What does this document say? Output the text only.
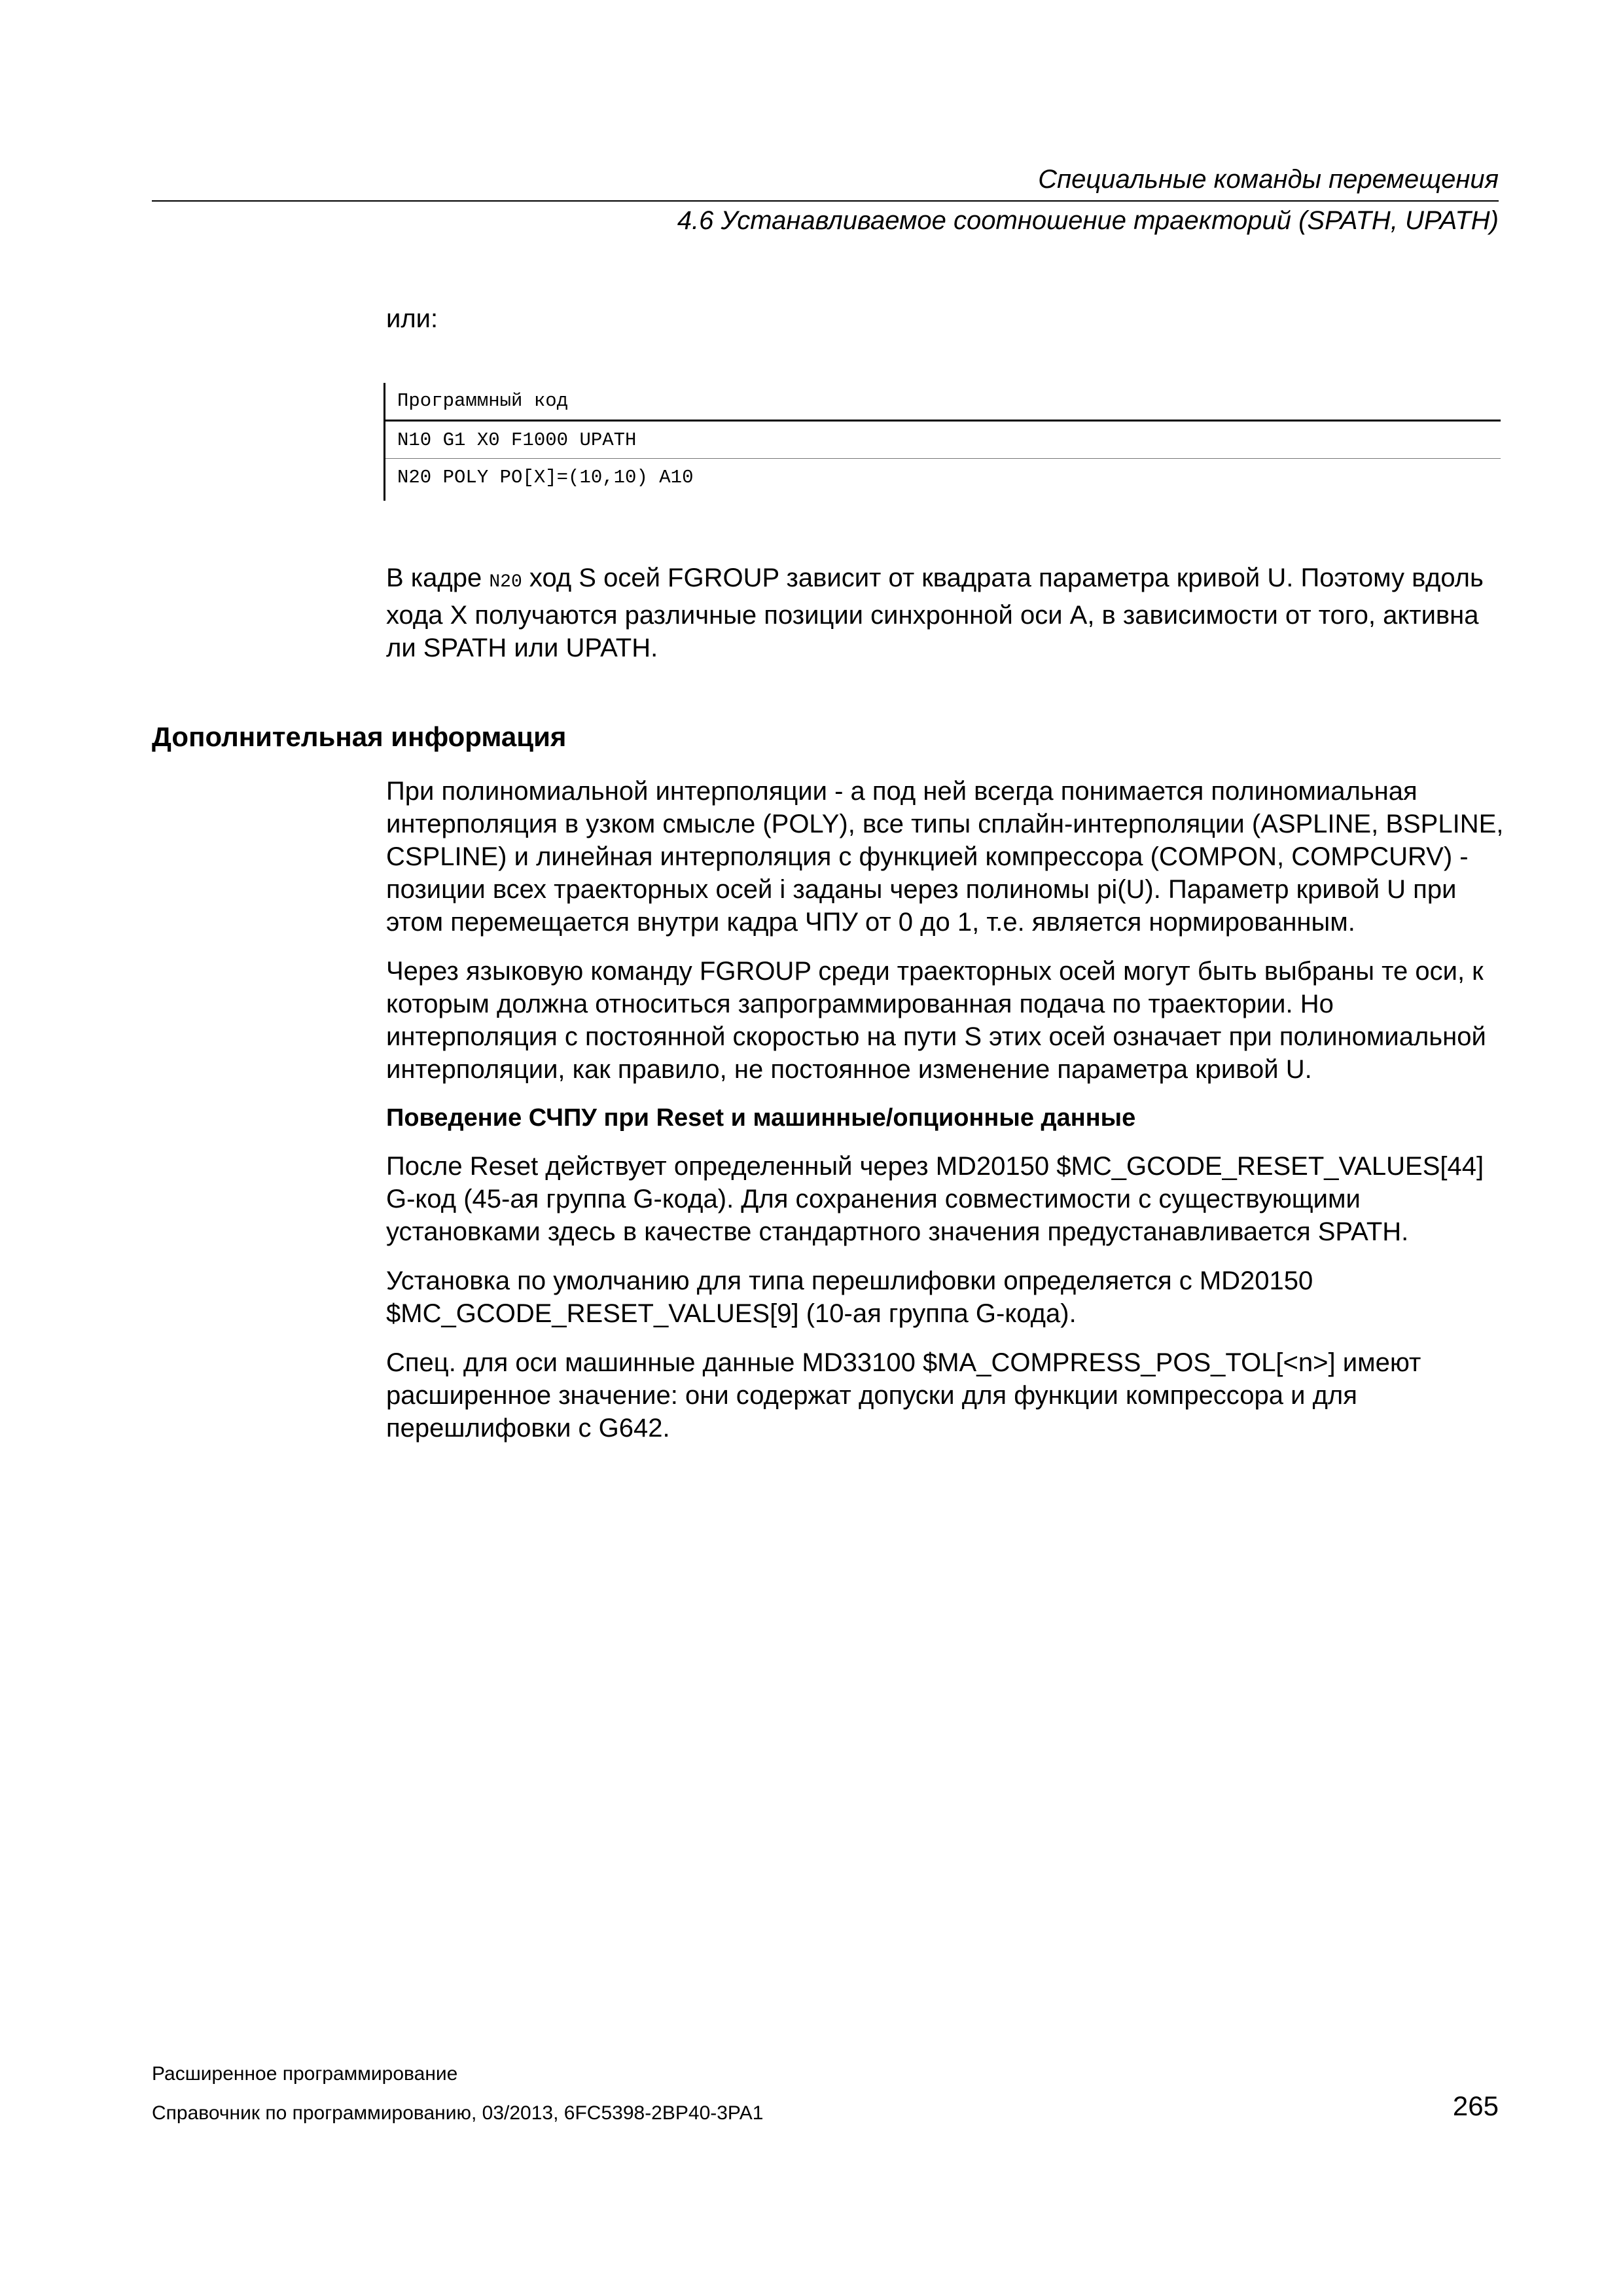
Специальные команды перемещения
4.6 Устанавливаемое соотношение траекторий (SPATH, UPATH)
или:
Программный код
N10 G1 X0 F1000 UPATH
N20 POLY PO[X]=(10,10) A10
В кадре N20 ход S осей FGROUP зависит от квадрата параметра кривой U. Поэтому вдоль хода X получаются различные позиции синхронной оси A, в зависимости от того, активна ли SPATH или UPATH.
Дополнительная информация

При полиномиальной интерполяции - а под ней всегда понимается полиномиальная интерполяция в узком смысле (POLY), все типы сплайн-интерполяции (ASPLINE, BSPLINE, CSPLINE) и линейная интерполяция с функцией компрессора (COMPON, COMPCURV) - позиции всех траекторных осей i заданы через полиномы pi(U). Параметр кривой U при этом перемещается внутри кадра ЧПУ от 0 до 1, т.е. является нормированным.

Через языковую команду FGROUP среди траекторных осей могут быть выбраны те оси, к которым должна относиться запрограммированная подача по траектории. Но интерполяция с постоянной скоростью на пути S этих осей означает при полиномиальной интерполяции, как правило, не постоянное изменение параметра кривой U.

Поведение СЧПУ при Reset и машинные/опционные данные

После Reset действует определенный через MD20150 $MC_GCODE_RESET_VALUES[44] G-код (45-ая группа G-кода). Для сохранения совместимости с существующими установками здесь в качестве стандартного значения предустанавливается SPATH.

Установка по умолчанию для типа перешлифовки определяется с MD20150 $MC_GCODE_RESET_VALUES[9] (10-ая группа G-кода).

Спец. для оси машинные данные MD33100 $MA_COMPRESS_POS_TOL[<n>] имеют расширенное значение: они содержат допуски для функции компрессора и для перешлифовки с G642.

Расширенное программирование
Справочник по программированию, 03/2013, 6FC5398-2BP40-3PA1	265
